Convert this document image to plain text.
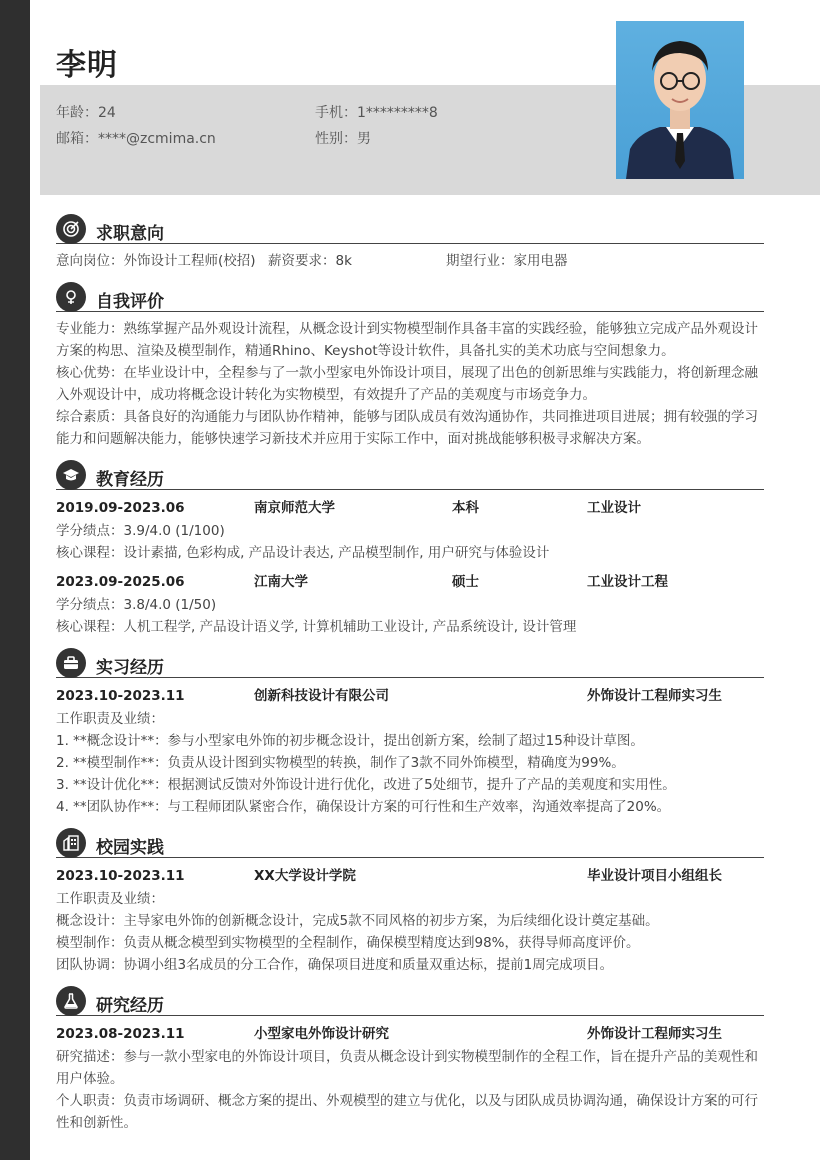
李明
年龄：24	手机：1*********8
邮箱：****@zcmima.cn	性别：男
求职意向
意向岗位：外饰设计工程师(校招) 薪资要求：8k	期望行业：家用电器
自我评价
专业能力：熟练掌握产品外观设计流程，从概念设计到实物模型制作具备丰富的实践经验，能够独立完成产品外观设计方案的构思、渲染及模型制作，精通Rhino、Keyshot等设计软件，具备扎实的美术功底与空间想象力。
核心优势：在毕业设计中，全程参与了一款小型家电外饰设计项目，展现了出色的创新思维与实践能力，将创新理念融入外观设计中，成功将概念设计转化为实物模型，有效提升了产品的美观度与市场竞争力。
综合素质：具备良好的沟通能力与团队协作精神，能够与团队成员有效沟通协作，共同推进项目进展；拥有较强的学习能力和问题解决能力，能够快速学习新技术并应用于实际工作中，面对挑战能够积极寻求解决方案。
教育经历
2019.09-2023.06	南京师范大学	本科	工业设计
学分绩点：3.9/4.0 (1/100)
核心课程：设计素描, 色彩构成, 产品设计表达, 产品模型制作, 用户研究与体验设计
2023.09-2025.06	江南大学	硕士	工业设计工程
学分绩点：3.8/4.0 (1/50)
核心课程：人机工程学, 产品设计语义学, 计算机辅助工业设计, 产品系统设计, 设计管理
实习经历
2023.10-2023.11	创新科技设计有限公司	外饰设计工程师实习生
工作职责及业绩：
1. **概念设计**：参与小型家电外饰的初步概念设计，提出创新方案，绘制了超过15种设计草图。
2. **模型制作**：负责从设计图到实物模型的转换，制作了3款不同外饰模型，精确度为99%。
3. **设计优化**：根据测试反馈对外饰设计进行优化，改进了5处细节，提升了产品的美观度和实用性。
4. **团队协作**：与工程师团队紧密合作，确保设计方案的可行性和生产效率，沟通效率提高了20%。
校园实践
2023.10-2023.11	XX大学设计学院	毕业设计项目小组组长
工作职责及业绩：
概念设计：主导家电外饰的创新概念设计，完成5款不同风格的初步方案，为后续细化设计奠定基础。
模型制作：负责从概念模型到实物模型的全程制作，确保模型精度达到98%，获得导师高度评价。
团队协调：协调小组3名成员的分工合作，确保项目进度和质量双重达标，提前1周完成项目。
研究经历
2023.08-2023.11	小型家电外饰设计研究	外饰设计工程师实习生
研究描述：参与一款小型家电的外饰设计项目，负责从概念设计到实物模型制作的全程工作，旨在提升产品的美观性和用户体验。
个人职责：负责市场调研、概念方案的提出、外观模型的建立与优化，以及与团队成员协调沟通，确保设计方案的可行性和创新性。
